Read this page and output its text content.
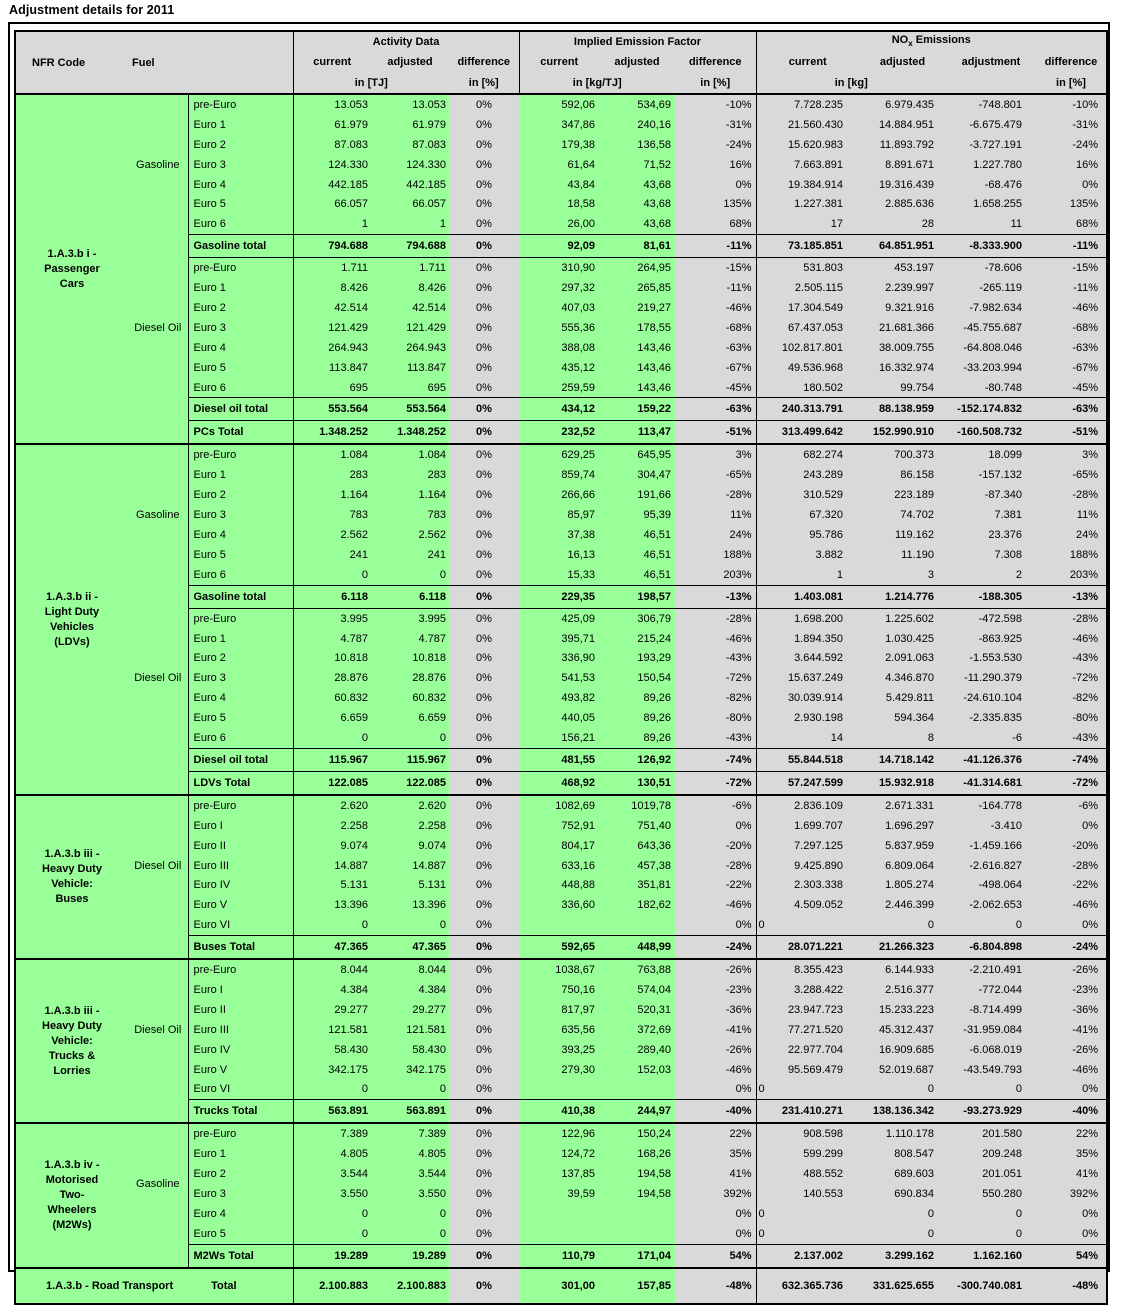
Adjustment details for 2011
NFR Code	Fuel		Activity Data			Implied Emission Factor			$NO_x$ Emissions			
			current	adjusted	difference	current	adjusted	difference	current	adjusted	adjustment	difference
			in [TJ]		in [%]	in [kg/TJ]		in [%]	in [kg]			in [%]
1.A.3.b i -
Passenger
Cars	Gasoline	pre-Euro	13.053	13.053	0%	592,06	534,69	-10%	7.728.235	6.979.435	-748.801	-10%
		Euro 1	61.979	61.979	0%	347,86	240,16	-31%	21.560.430	14.884.951	-6.675.479	-31%
		Euro 2	87.083	87.083	0%	179,38	136,58	-24%	15.620.983	11.893.792	-3.727.191	-24%
		Euro 3	124.330	124.330	0%	61,64	71,52	16%	7.663.891	8.891.671	1.227.780	16%
		Euro 4	442.185	442.185	0%	43,84	43,68	0%	19.384.914	19.316.439	-68.476	0%
		Euro 5	66.057	66.057	0%	18,58	43,68	135%	1.227.381	2.885.636	1.658.255	135%
		Euro 6	1	1	0%	26,00	43,68	68%	17	28	11	68%
		Gasoline total	794.688	794.688	0%	92,09	81,61	-11%	73.185.851	64.851.951	-8.333.900	-11%
	Diesel Oil	pre-Euro	1.711	1.711	0%	310,90	264,95	-15%	531.803	453.197	-78.606	-15%
		Euro 1	8.426	8.426	0%	297,32	265,85	-11%	2.505.115	2.239.997	-265.119	-11%
		Euro 2	42.514	42.514	0%	407,03	219,27	-46%	17.304.549	9.321.916	-7.982.634	-46%
		Euro 3	121.429	121.429	0%	555,36	178,55	-68%	67.437.053	21.681.366	-45.755.687	-68%
		Euro 4	264.943	264.943	0%	388,08	143,46	-63%	102.817.801	38.009.755	-64.808.046	-63%
		Euro 5	113.847	113.847	0%	435,12	143,46	-67%	49.536.968	16.332.974	-33.203.994	-67%
		Euro 6	695	695	0%	259,59	143,46	-45%	180.502	99.754	-80.748	-45%
		Diesel oil total	553.564	553.564	0%	434,12	159,22	-63%	240.313.791	88.138.959	-152.174.832	-63%
		PCs Total	1.348.252	1.348.252	0%	232,52	113,47	-51%	313.499.642	152.990.910	-160.508.732	-51%
1.A.3.b ii -
Light Duty
Vehicles
(LDVs)	Gasoline	pre-Euro	1.084	1.084	0%	629,25	645,95	3%	682.274	700.373	18.099	3%
		Euro 1	283	283	0%	859,74	304,47	-65%	243.289	86.158	-157.132	-65%
		Euro 2	1.164	1.164	0%	266,66	191,66	-28%	310.529	223.189	-87.340	-28%
		Euro 3	783	783	0%	85,97	95,39	11%	67.320	74.702	7.381	11%
		Euro 4	2.562	2.562	0%	37,38	46,51	24%	95.786	119.162	23.376	24%
		Euro 5	241	241	0%	16,13	46,51	188%	3.882	11.190	7.308	188%
		Euro 6	0	0	0%	15,33	46,51	203%	1	3	2	203%
		Gasoline total	6.118	6.118	0%	229,35	198,57	-13%	1.403.081	1.214.776	-188.305	-13%
	Diesel Oil	pre-Euro	3.995	3.995	0%	425,09	306,79	-28%	1.698.200	1.225.602	-472.598	-28%
		Euro 1	4.787	4.787	0%	395,71	215,24	-46%	1.894.350	1.030.425	-863.925	-46%
		Euro 2	10.818	10.818	0%	336,90	193,29	-43%	3.644.592	2.091.063	-1.553.530	-43%
		Euro 3	28.876	28.876	0%	541,53	150,54	-72%	15.637.249	4.346.870	-11.290.379	-72%
		Euro 4	60.832	60.832	0%	493,82	89,26	-82%	30.039.914	5.429.811	-24.610.104	-82%
		Euro 5	6.659	6.659	0%	440,05	89,26	-80%	2.930.198	594.364	-2.335.835	-80%
		Euro 6	0	0	0%	156,21	89,26	-43%	14	8	-6	-43%
		Diesel oil total	115.967	115.967	0%	481,55	126,92	-74%	55.844.518	14.718.142	-41.126.376	-74%
		LDVs Total	122.085	122.085	0%	468,92	130,51	-72%	57.247.599	15.932.918	-41.314.681	-72%
1.A.3.b iii -
Heavy Duty
Vehicle:
Buses	Diesel Oil	pre-Euro	2.620	2.620	0%	1082,69	1019,78	-6%	2.836.109	2.671.331	-164.778	-6%
		Euro I	2.258	2.258	0%	752,91	751,40	0%	1.699.707	1.696.297	-3.410	0%
		Euro II	9.074	9.074	0%	804,17	643,36	-20%	7.297.125	5.837.959	-1.459.166	-20%
		Euro III	14.887	14.887	0%	633,16	457,38	-28%	9.425.890	6.809.064	-2.616.827	-28%
		Euro IV	5.131	5.131	0%	448,88	351,81	-22%	2.303.338	1.805.274	-498.064	-22%
		Euro V	13.396	13.396	0%	336,60	182,62	-46%	4.509.052	2.446.399	-2.062.653	-46%
		Euro VI	0	0	0%			0%	0	0	0	0%
		Buses Total	47.365	47.365	0%	592,65	448,99	-24%	28.071.221	21.266.323	-6.804.898	-24%
1.A.3.b iii -
Heavy Duty
Vehicle:
Trucks &
Lorries	Diesel Oil	pre-Euro	8.044	8.044	0%	1038,67	763,88	-26%	8.355.423	6.144.933	-2.210.491	-26%
		Euro I	4.384	4.384	0%	750,16	574,04	-23%	3.288.422	2.516.377	-772.044	-23%
		Euro II	29.277	29.277	0%	817,97	520,31	-36%	23.947.723	15.233.223	-8.714.499	-36%
		Euro III	121.581	121.581	0%	635,56	372,69	-41%	77.271.520	45.312.437	-31.959.084	-41%
		Euro IV	58.430	58.430	0%	393,25	289,40	-26%	22.977.704	16.909.685	-6.068.019	-26%
		Euro V	342.175	342.175	0%	279,30	152,03	-46%	95.569.479	52.019.687	-43.549.793	-46%
		Euro VI	0	0	0%			0%	0	0	0	0%
		Trucks Total	563.891	563.891	0%	410,38	244,97	-40%	231.410.271	138.136.342	-93.273.929	-40%
1.A.3.b iv -
Motorised
Two-
Wheelers
(M2Ws)	Gasoline	pre-Euro	7.389	7.389	0%	122,96	150,24	22%	908.598	1.110.178	201.580	22%
		Euro 1	4.805	4.805	0%	124,72	168,26	35%	599.299	808.547	209.248	35%
		Euro 2	3.544	3.544	0%	137,85	194,58	41%	488.552	689.603	201.051	41%
		Euro 3	3.550	3.550	0%	39,59	194,58	392%	140.553	690.834	550.280	392%
		Euro 4	0	0	0%			0%	0	0	0	0%
		Euro 5	0	0	0%			0%	0	0	0	0%
		M2Ws Total	19.289	19.289	0%	110,79	171,04	54%	2.137.002	3.299.162	1.162.160	54%
1.A.3.b - Road Transport Total			2.100.883	2.100.883	0%	301,00	157,85	-48%	632.365.736	331.625.655	-300.740.081	-48%
